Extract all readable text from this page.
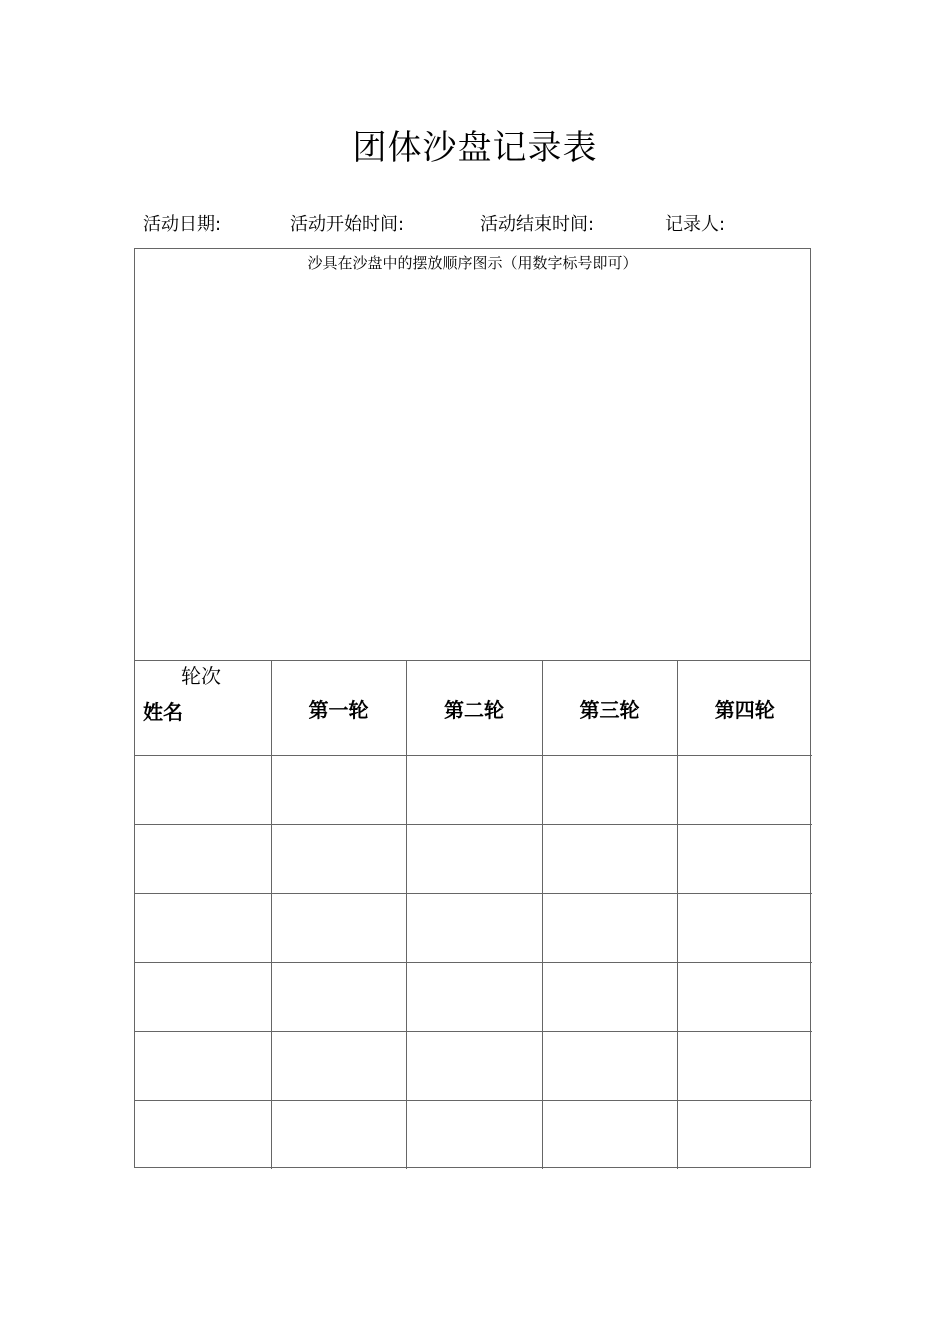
团体沙盘记录表
活动日期:	活动开始时间:	活动结束时间:	记录人:
沙具在沙盘中的摆放顺序图示（用数字标号即可）
轮次
姓名	第一轮	第二轮	第三轮	第四轮
